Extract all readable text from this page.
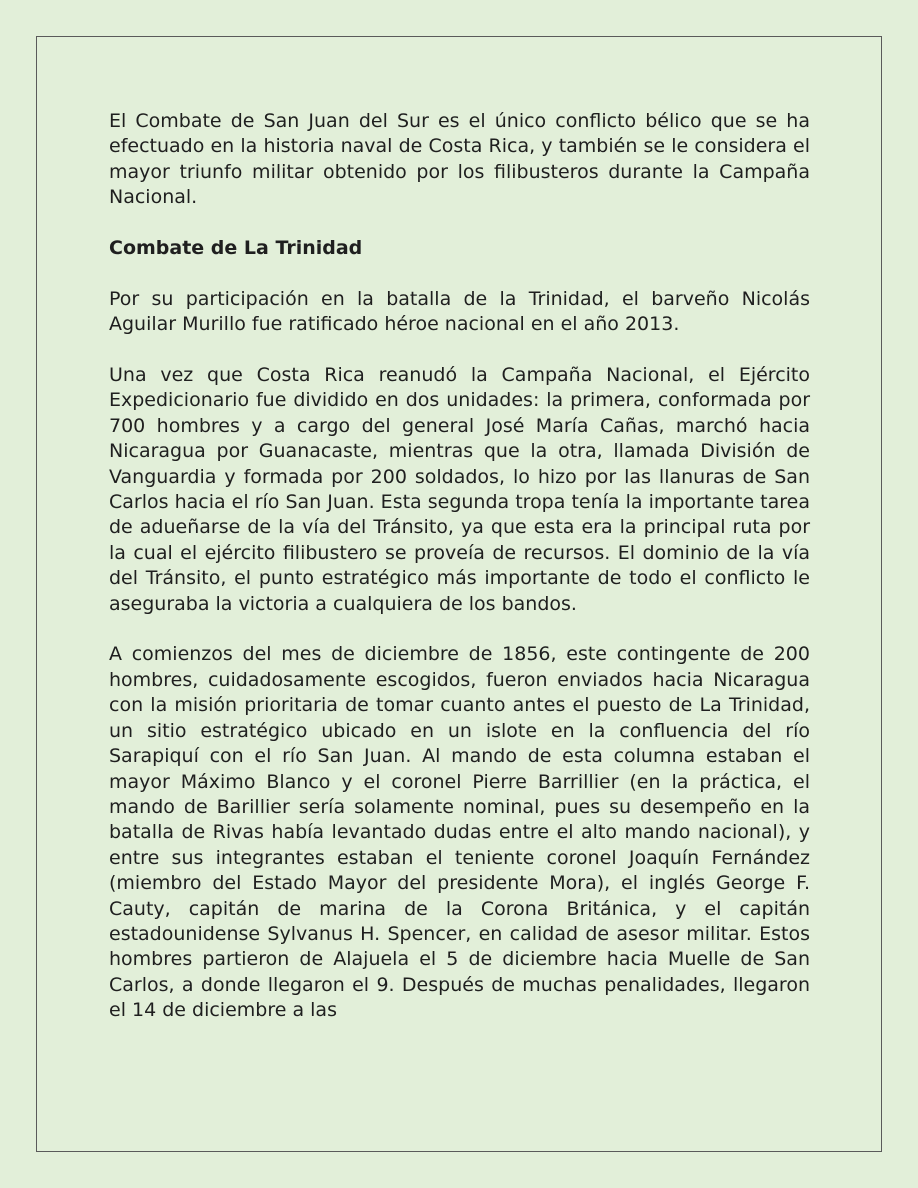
El Combate de San Juan del Sur es el único conflicto bélico que se ha efectuado en la historia naval de Costa Rica, y también se le considera el mayor triunfo militar obtenido por los filibusteros durante la Campaña Nacional.

Combate de La Trinidad

Por su participación en la batalla de la Trinidad, el barveño Nicolás Aguilar Murillo fue ratificado héroe nacional en el año 2013.

Una vez que Costa Rica reanudó la Campaña Nacional, el Ejército Expedicionario fue dividido en dos unidades: la primera, conformada por 700 hombres y a cargo del general José María Cañas, marchó hacia Nicaragua por Guanacaste, mientras que la otra, llamada División de Vanguardia y formada por 200 soldados, lo hizo por las llanuras de San Carlos hacia el río San Juan. Esta segunda tropa tenía la importante tarea de adueñarse de la vía del Tránsito, ya que esta era la principal ruta por la cual el ejército filibustero se proveía de recursos. El dominio de la vía del Tránsito, el punto estratégico más importante de todo el conflicto le aseguraba la victoria a cualquiera de los bandos.

A comienzos del mes de diciembre de 1856, este contingente de 200 hombres, cuidadosamente escogidos, fueron enviados hacia Nicaragua con la misión prioritaria de tomar cuanto antes el puesto de La Trinidad, un sitio estratégico ubicado en un islote en la confluencia del río Sarapiquí con el río San Juan. Al mando de esta columna estaban el mayor Máximo Blanco y el coronel Pierre Barrillier (en la práctica, el mando de Barillier sería solamente nominal, pues su desempeño en la batalla de Rivas había levantado dudas entre el alto mando nacional), y entre sus integrantes estaban el teniente coronel Joaquín Fernández (miembro del Estado Mayor del presidente Mora), el inglés George F. Cauty, capitán de marina de la Corona Británica, y el capitán estadounidense Sylvanus H. Spencer, en calidad de asesor militar. Estos hombres partieron de Alajuela el 5 de diciembre hacia Muelle de San Carlos, a donde llegaron el 9. Después de muchas penalidades, llegaron el 14 de diciembre a las
